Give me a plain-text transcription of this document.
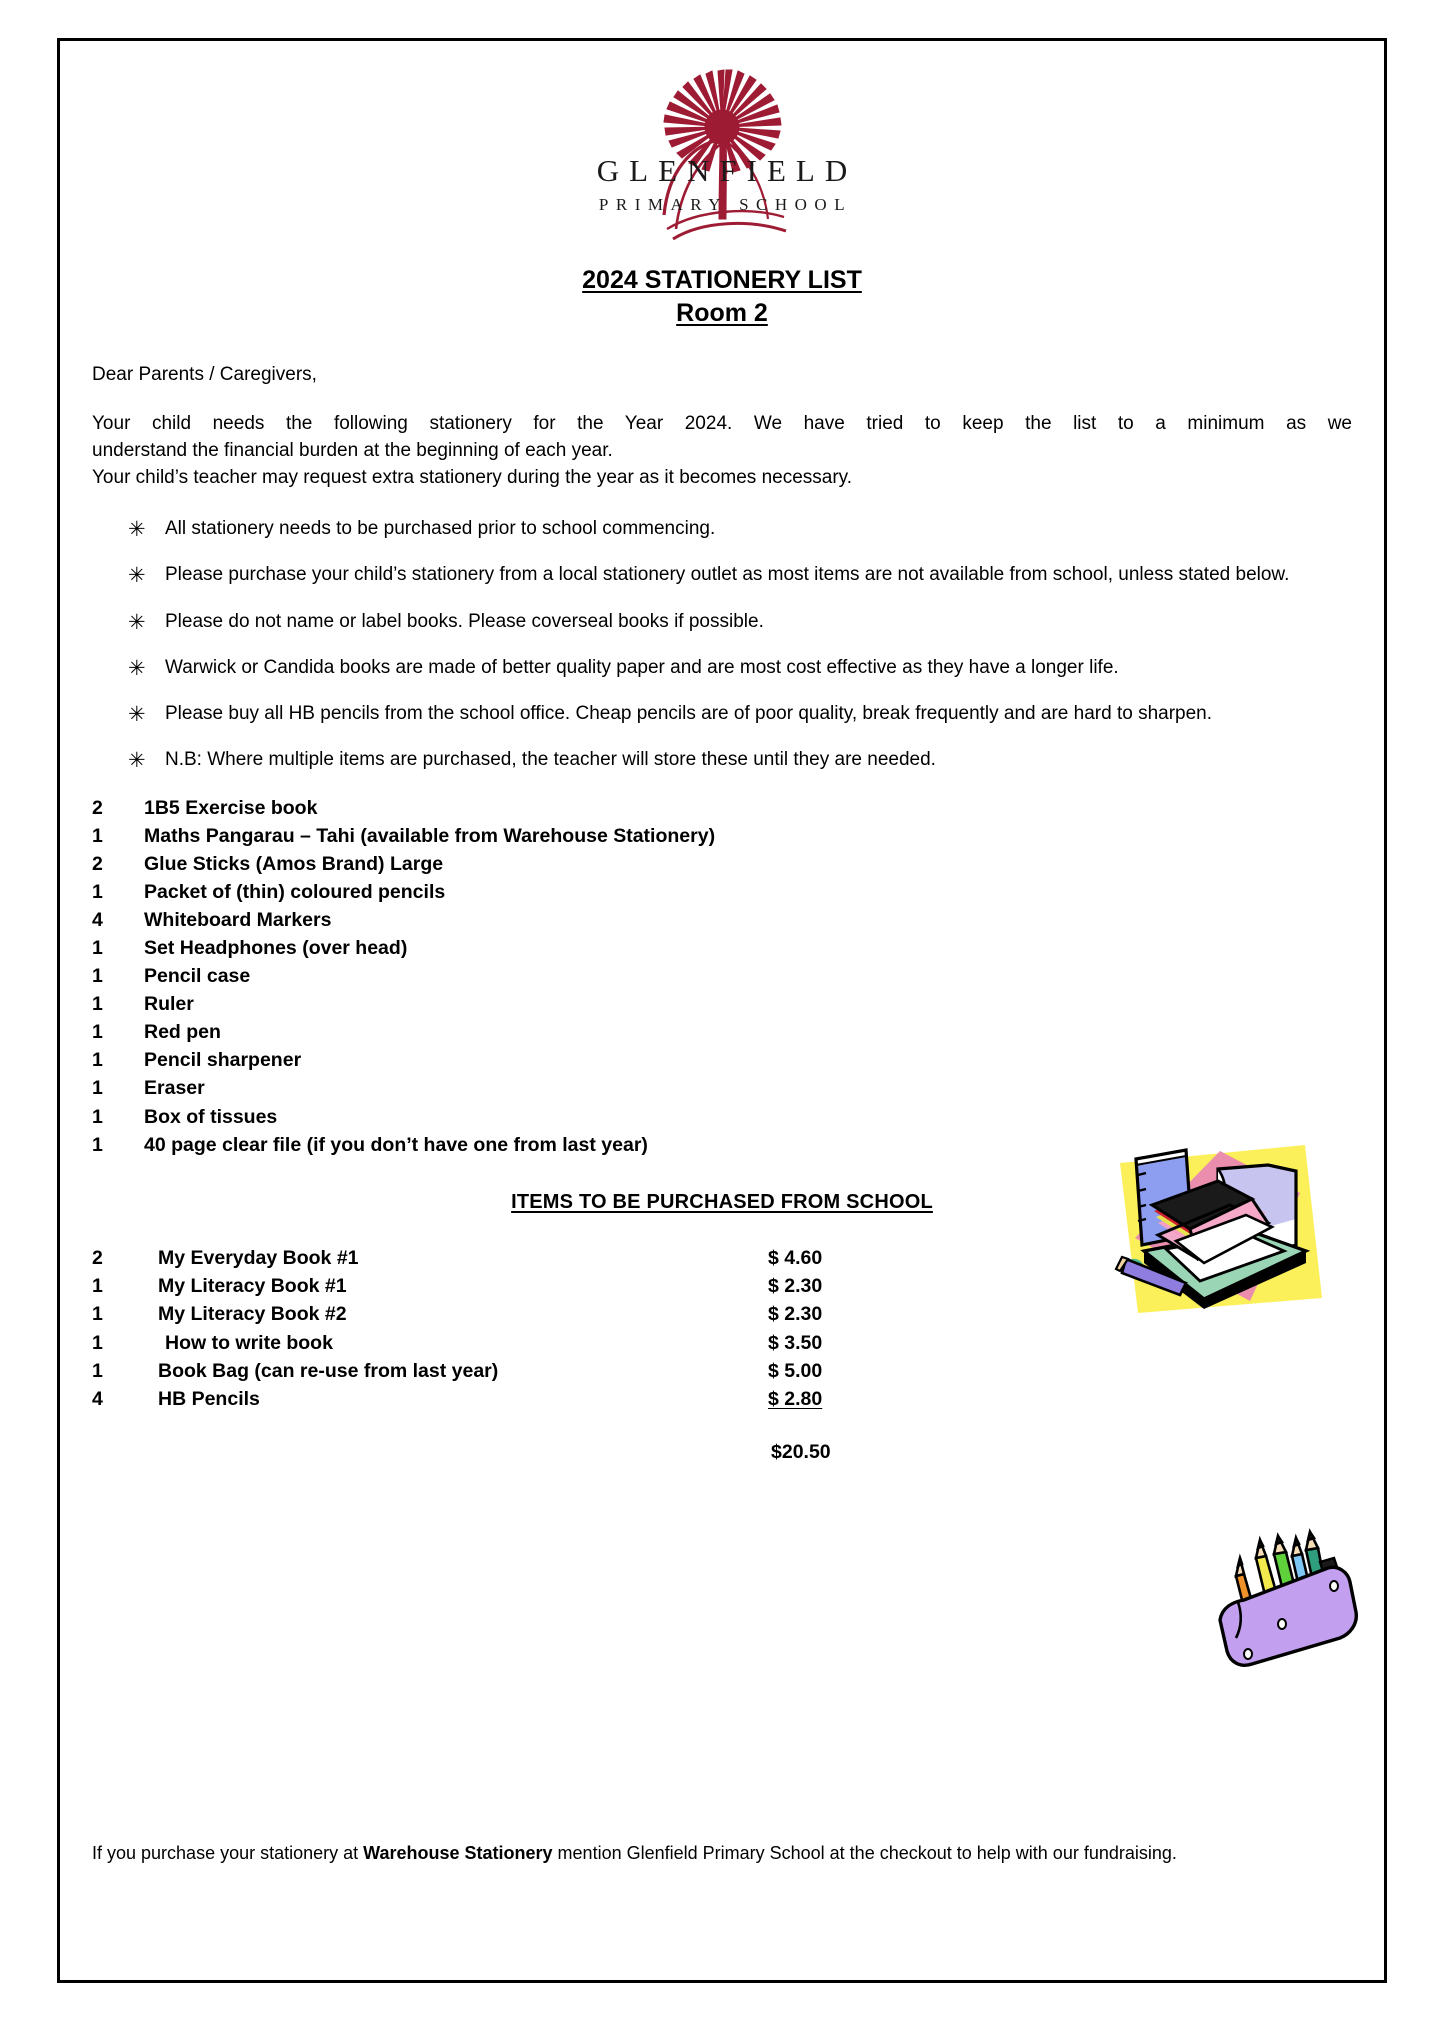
GLENFIELD
PRIMARY SCHOOL
2024 STATIONERY LIST
Room 2
Dear Parents / Caregivers,
Your child needs the following stationery for the Year 2024. We have tried to keep the list to a minimum as we
understand the financial burden at the beginning of each year.
Your child’s teacher may request extra stationery during the year as it becomes necessary.
✳	All stationery needs to be purchased prior to school commencing.
✳	Please purchase your child’s stationery from a local stationery outlet as most items are not available from school, unless stated below.
✳	Please do not name or label books. Please coverseal books if possible.
✳	Warwick or Candida books are made of better quality paper and are most cost effective as they have a longer life.
✳	Please buy all HB pencils from the school office. Cheap pencils are of poor quality, break frequently and are hard to sharpen.
✳	N.B: Where multiple items are purchased, the teacher will store these until they are needed.
2	1B5 Exercise book
1	Maths Pangarau – Tahi (available from Warehouse Stationery)
2	Glue Sticks (Amos Brand) Large
1	Packet of (thin) coloured pencils
4	Whiteboard Markers
1	Set Headphones (over head)
1	Pencil case
1	Ruler
1	Red pen
1	Pencil sharpener
1	Eraser
1	Box of tissues
1	40 page clear file (if you don’t have one from last year)
ITEMS TO BE PURCHASED FROM SCHOOL
2	My Everyday Book #1	$ 4.60
1	My Literacy Book #1	$ 2.30
1	My Literacy Book #2	$ 2.30
1	How to write book	$ 3.50
1	Book Bag (can re-use from last year)	$ 5.00
4	HB Pencils	$ 2.80
$20.50
If you purchase your stationery at Warehouse Stationery mention Glenfield Primary School at the checkout to help with our fundraising.
